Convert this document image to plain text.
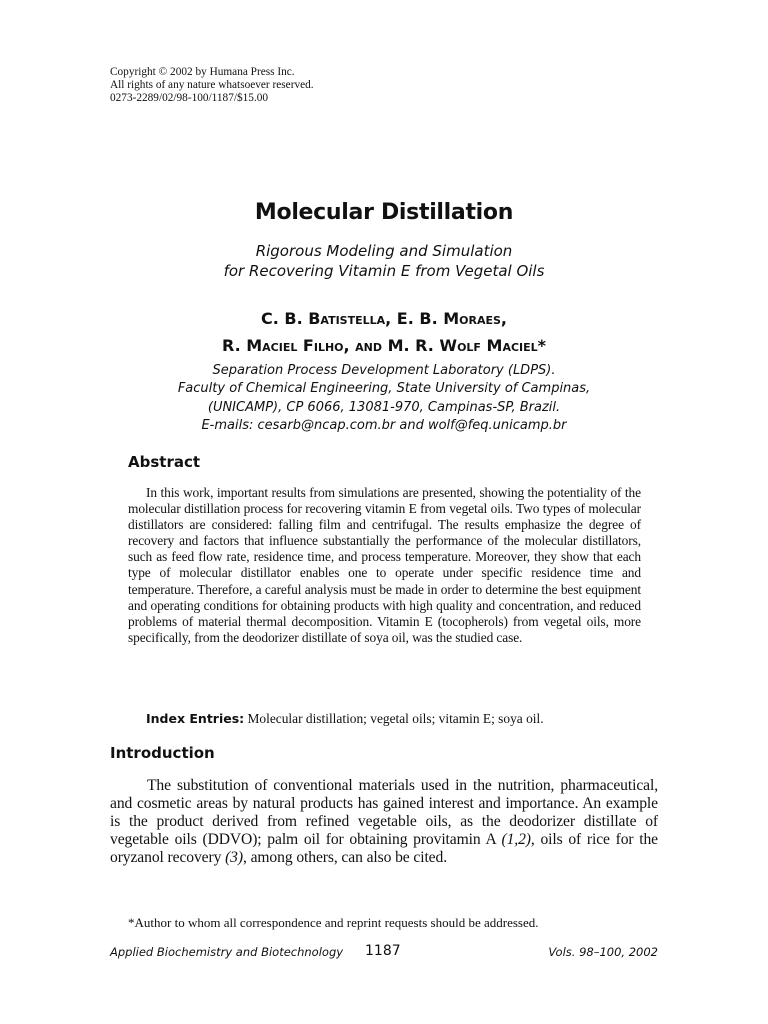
Copyright © 2002 by Humana Press Inc.
All rights of any nature whatsoever reserved.
0273-2289/02/98-100/1187/$15.00
Molecular Distillation
Rigorous Modeling and Simulation
for Recovering Vitamin E from Vegetal Oils
C. B. Batistella, E. B. Moraes,
R. Maciel Filho, and M. R. Wolf Maciel*
Separation Process Development Laboratory (LDPS).
Faculty of Chemical Engineering, State University of Campinas,
(UNICAMP), CP 6066, 13081-970, Campinas-SP, Brazil.
E-mails: cesarb@ncap.com.br and wolf@feq.unicamp.br
Abstract

In this work, important results from simulations are presented, showing the potentiality of the molecular distillation process for recovering vitamin E from vegetal oils. Two types of molecular distillators are considered: falling film and centrifugal. The results emphasize the degree of recovery and factors that influence substantially the performance of the molecular distillators, such as feed flow rate, residence time, and process temperature. Moreover, they show that each type of molecular distillator enables one to operate under specific residence time and temperature. Therefore, a careful analysis must be made in order to determine the best equipment and operating conditions for obtaining products with high quality and concentration, and reduced problems of material thermal decomposition. Vitamin E (tocopherols) from vegetal oils, more specifically, from the deodorizer distillate of soya oil, was the studied case.

Index Entries: Molecular distillation; vegetal oils; vitamin E; soya oil.
Introduction

The substitution of conventional materials used in the nutrition, pharmaceutical, and cosmetic areas by natural products has gained interest and importance. An example is the product derived from refined vegetable oils, as the deodorizer distillate of vegetable oils (DDVO); palm oil for obtaining provitamin A (1,2), oils of rice for the oryzanol recovery (3), among others, can also be cited.

*Author to whom all correspondence and reprint requests should be addressed.
Applied Biochemistry and Biotechnology 1187	Vols. 98–100, 2002
